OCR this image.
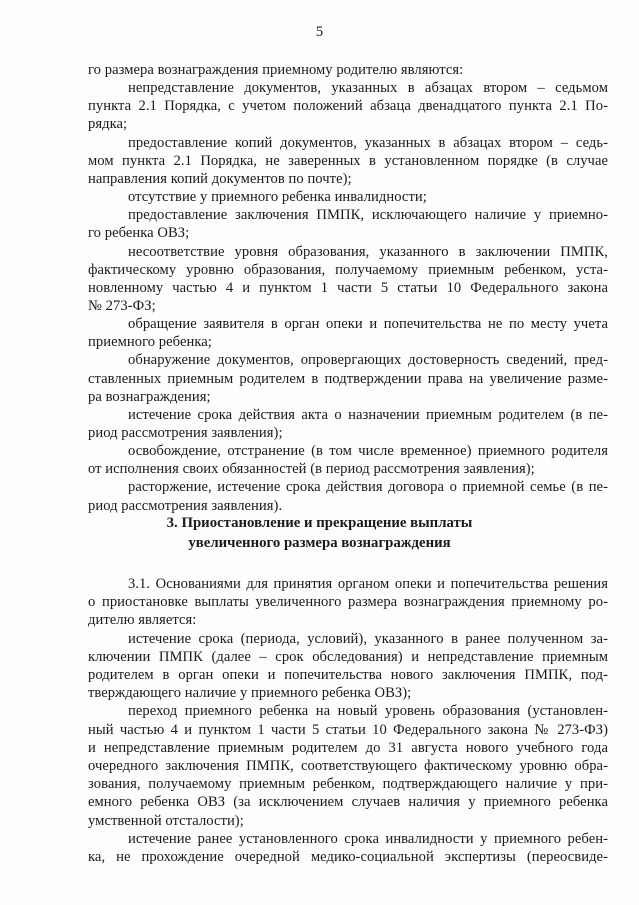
5
го размера вознаграждения приемному родителю являются:
непредставление документов, указанных в абзацах втором – седьмом
пункта 2.1 Порядка, с учетом положений абзаца двенадцатого пункта 2.1 По-
рядка;
предоставление копий документов, указанных в абзацах втором – седь-
мом пункта 2.1 Порядка, не заверенных в установленном порядке (в случае
направления копий документов по почте);
отсутствие у приемного ребенка инвалидности;
предоставление заключения ПМПК, исключающего наличие у приемно-
го ребенка ОВЗ;
несоответствие уровня образования, указанного в заключении ПМПК,
фактическому уровню образования, получаемому приемным ребенком, уста-
новленному частью 4 и пунктом 1 части 5 статьи 10 Федерального закона
№ 273-ФЗ;
обращение заявителя в орган опеки и попечительства не по месту учета
приемного ребенка;
обнаружение документов, опровергающих достоверность сведений, пред-
ставленных приемным родителем в подтверждении права на увеличение разме-
ра вознаграждения;
истечение срока действия акта о назначении приемным родителем (в пе-
риод рассмотрения заявления);
освобождение, отстранение (в том числе временное) приемного родителя
от исполнения своих обязанностей (в период рассмотрения заявления);
расторжение, истечение срока действия договора о приемной семье (в пе-
риод рассмотрения заявления).
3. Приостановление и прекращение выплаты
увеличенного размера вознаграждения
3.1. Основаниями для принятия органом опеки и попечительства решения
о приостановке выплаты увеличенного размера вознаграждения приемному ро-
дителю является:
истечение срока (периода, условий), указанного в ранее полученном за-
ключении ПМПК (далее – срок обследования) и непредставление приемным
родителем в орган опеки и попечительства нового заключения ПМПК, под-
тверждающего наличие у приемного ребенка ОВЗ);
переход приемного ребенка на новый уровень образования (установлен-
ный частью 4 и пунктом 1 части 5 статьи 10 Федерального закона № 273-ФЗ)
и непредставление приемным родителем до 31 августа нового учебного года
очередного заключения ПМПК, соответствующего фактическому уровню обра-
зования, получаемому приемным ребенком, подтверждающего наличие у при-
емного ребенка ОВЗ (за исключением случаев наличия у приемного ребенка
умственной отсталости);
истечение ранее установленного срока инвалидности у приемного ребен-
ка, не прохождение очередной медико-социальной экспертизы (переосвиде-
